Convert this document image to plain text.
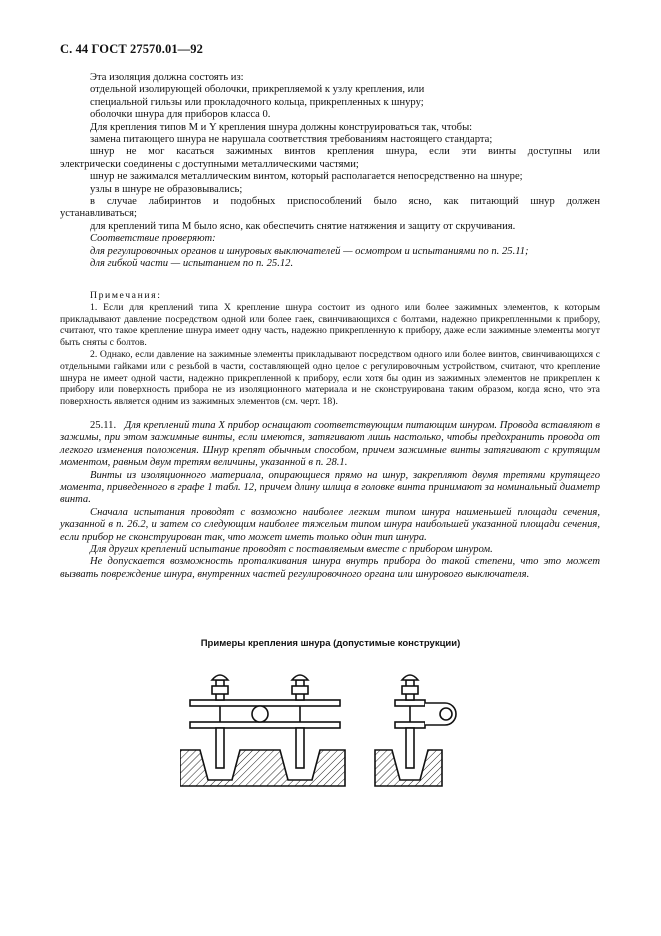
С. 44 ГОСТ 27570.01—92

Эта изоляция должна состоять из:

отдельной изолирующей оболочки, прикрепляемой к узлу крепления, или

специальной гильзы или прокладочного кольца, прикрепленных к шнуру;

оболочки шнура для приборов класса 0.

Для крепления типов М и Y крепления шнура должны конструироваться так, чтобы:

замена питающего шнура не нарушала соответствия требованиям настоящего стандарта;

шнур не мог касаться зажимных винтов крепления шнура, если эти винты доступны или

электрически соединены с доступными металлическими частями;

шнур не зажимался металлическим винтом, который располагается непосредственно на шнуре;

узлы в шнуре не образовывались;

в случае лабиринтов и подобных приспособлений было ясно, как питающий шнур должен

устанавливаться;

для креплений типа М было ясно, как обеспечить снятие натяжения и защиту от скручивания.

Соответствие проверяют:

для регулировочных органов и шнуровых выключателей — осмотром и испытаниями по п. 25.11;

для гибкой части — испытанием по п. 25.12.

Примечания:

1. Если для креплений типа X крепление шнура состоит из одного или более зажимных элементов, к которым прикладывают давление посредством одной или более гаек, свинчивающихся с болтами, надежно прикрепленными к прибору, считают, что такое крепление шнура имеет одну часть, надежно прикрепленную к прибору, даже если зажимные элементы могут быть сняты с болтов.

2. Однако, если давление на зажимные элементы прикладывают посредством одного или более винтов, свинчивающихся с отдельными гайками или с резьбой в части, составляющей одно целое с регулировочным устройством, считают, что крепление шнура не имеет одной части, надежно прикрепленной к прибору, если хотя бы один из зажимных элементов не прикреплен к прибору или поверхность прибора не из изоляционного материала и не сконструирована таким образом, когда ясно, что эта поверхность является одним из зажимных элементов (см. черт. 18).

25.11. Для креплений типа X прибор оснащают соответствующим питающим шнуром. Провода вставляют в зажимы, при этом зажимные винты, если имеются, затягивают лишь настолько, чтобы предохранить провода от легкого изменения положения. Шнур крепят обычным способом, причем зажимные винты затягивают с крутящим моментом, равным двум третям величины, указанной в п. 28.1.

Винты из изоляционного материала, опирающиеся прямо на шнур, закрепляют двумя третями крутящего момента, приведенного в графе 1 табл. 12, причем длину шлица в головке винта принимают за номинальный диаметр винта.

Сначала испытания проводят с возможно наиболее легким типом шнура наименьшей площади сечения, указанной в п. 26.2, и затем со следующим наиболее тяжелым типом шнура наибольшей указанной площади сечения, если прибор не сконструирован так, что может иметь только один тип шнура.

Для других креплений испытание проводят с поставляемым вместе с прибором шнуром.

Не допускается возможность проталкивания шнура внутрь прибора до такой степени, что это может вызвать повреждение шнура, внутренних частей регулировочного органа или шнурового выключателя.

Примеры крепления шнура (допустимые конструкции)
